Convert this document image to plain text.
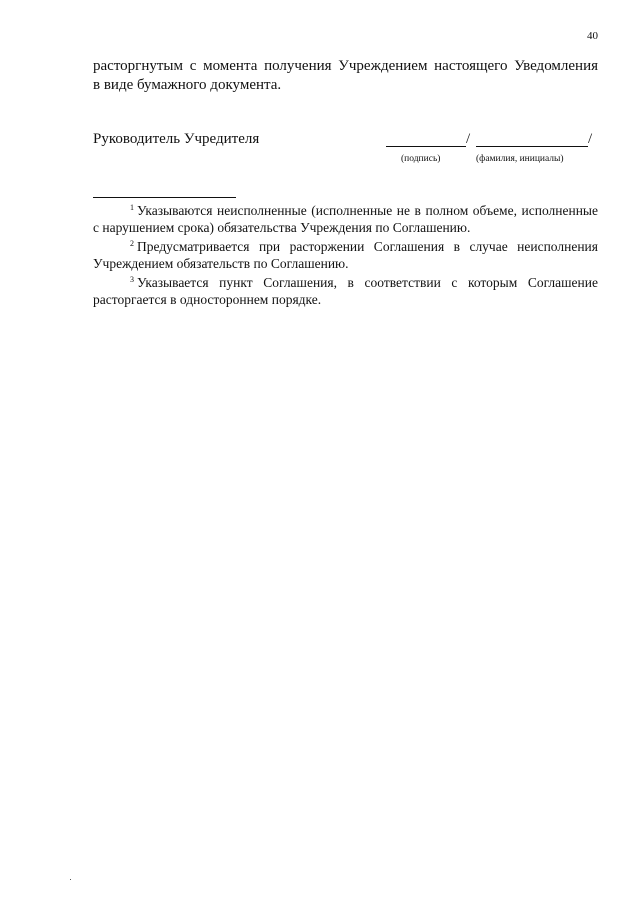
40
расторгнутым с момента получения Учреждением настоящего Уведомления
в виде бумажного документа.
Руководитель Учредителя	/	/
(подпись)	(фамилия, инициалы)
$^1$ Указываются неисполненные (исполненные не в полном объеме, исполненные с нарушением срока) обязательства Учреждения по Соглашению.
$^2$ Предусматривается при расторжении Соглашения в случае неисполнения Учреждением обязательств по Соглашению.
$^3$ Указывается пункт Соглашения, в соответствии с которым Соглашение расторгается в одностороннем порядке.
